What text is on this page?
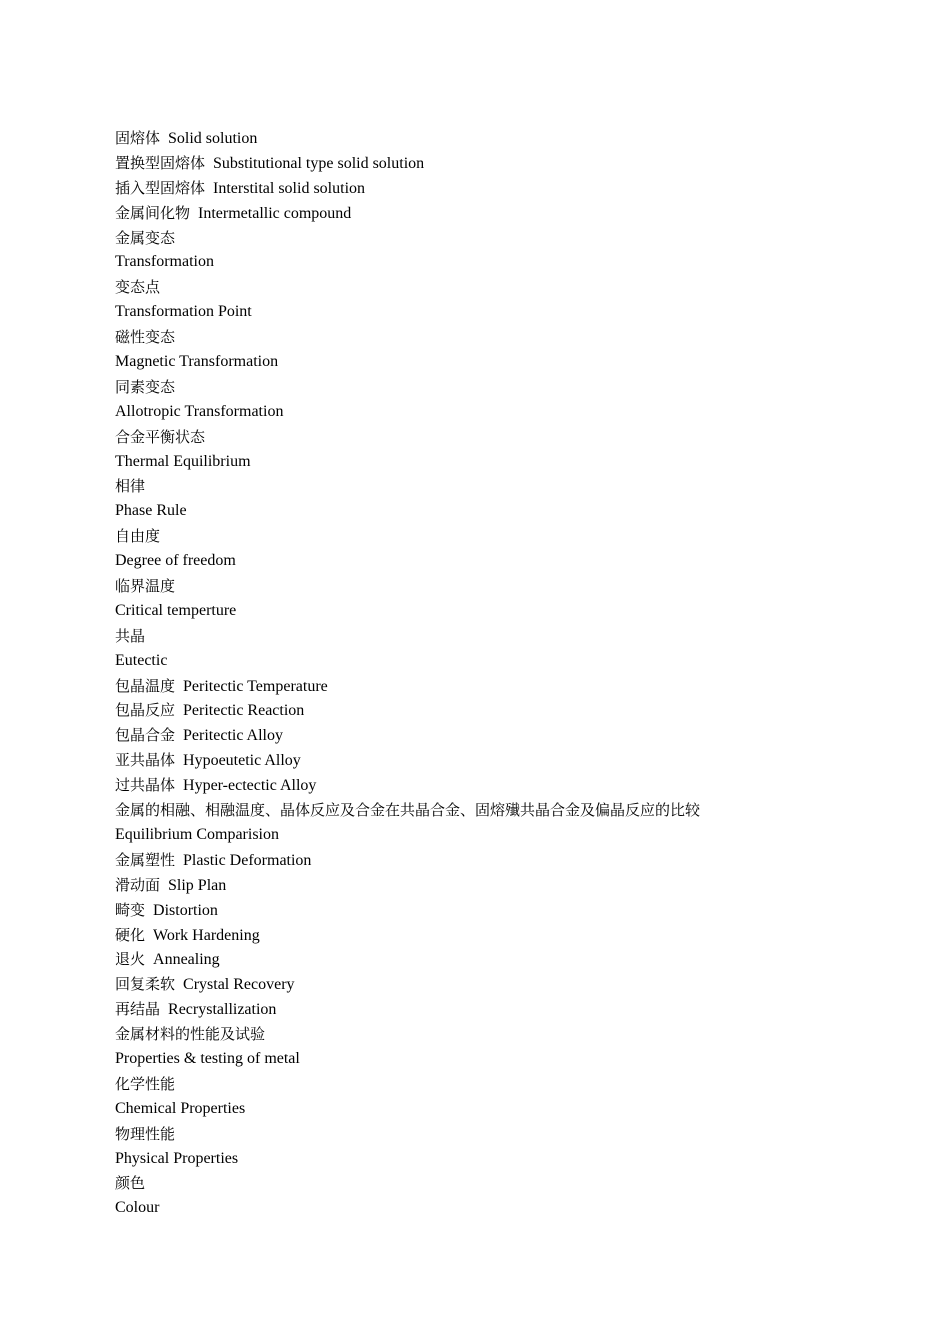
固熔体 Solid solution
置换型固熔体 Substitutional type solid solution
插入型固熔体 Interstital solid solution
金属间化物 Intermetallic compound
金属变态
Transformation
变态点
Transformation Point
磁性变态
Magnetic Transformation
同素变态
Allotropic Transformation
合金平衡状态
Thermal Equilibrium
相律
Phase Rule
自由度
Degree of freedom
临界温度
Critical temperture
共晶
Eutectic
包晶温度 Peritectic Temperature
包晶反应 Peritectic Reaction
包晶合金 Peritectic Alloy
亚共晶体 Hypoeutetic Alloy
过共晶体 Hyper-ectectic Alloy
金属的相融、相融温度、晶体反应及合金在共晶合金、固熔殱共晶合金及偏晶反应的比较
Equilibrium Comparision
金属塑性 Plastic Deformation
滑动面 Slip Plan
畸变 Distortion
硬化 Work Hardening
退火 Annealing
回复柔软 Crystal Recovery
再结晶 Recrystallization
金属材料的性能及试验
Properties & testing of metal
化学性能
Chemical Properties
物理性能
Physical Properties
颜色
Colour
